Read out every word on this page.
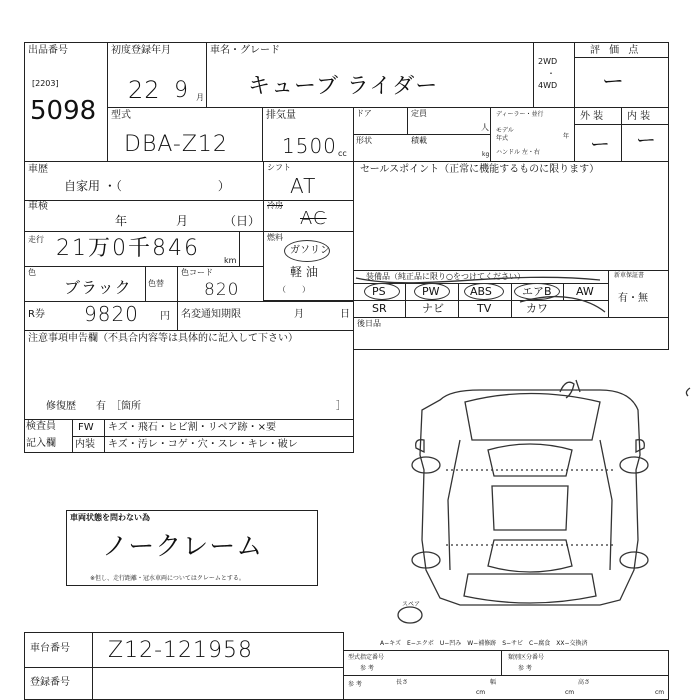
出品番号
[2203]
5098
初度登録年月
22 9 月
車名・グレード
キューブ ライダー
2WD
・
4WD
評 価 点
ー
型式
DBA-Z12
排気量
1500 cc
ドア	定員
人
形状	積載
kg
ディーラー・並行
モデル年式	年
ハンドル 左・右
外 装 内 装
ー ー
車歴
自家用 ・（　　　　　　　　）
シフト
AT
車検
年	月	（日）
冷房
AC
走行 21万0千846	km
燃料
ガソリン
軽 油
（　　）
色
ブラック 色替
色コード
820
R券 9820 円 名変通知期限	月	日
注意事項申告欄（不具合内容等は具体的に記入して下さい）
修復歴　　有　［箇所	］
検査員
記入欄
FW キズ・飛石・ヒビ割・リペア跡・×要
内装 キズ・汚レ・コゲ・穴・スレ・キレ・破レ
車両状態を問わない為
ノークレーム
※但し、走行距離・冠水車両についてはクレームとする。
セールスポイント（正常に機能するものに限ります）
装備品（純正品に限り○をつけてください）
PS	PW	ABS	エアB AW
SR	ナビ	TV	カワ
新車保証書
有・無
後日品
スペア
A−キズ　E−エクボ　U−凹み　W−補修跡　S−サビ　C−腐食　XX−交換済
車台番号 Z12-121958
登録番号
型式指定番号
参 考
類別区分番号
参 考
参 考	長さ
cm
幅
cm
高さ
cm
